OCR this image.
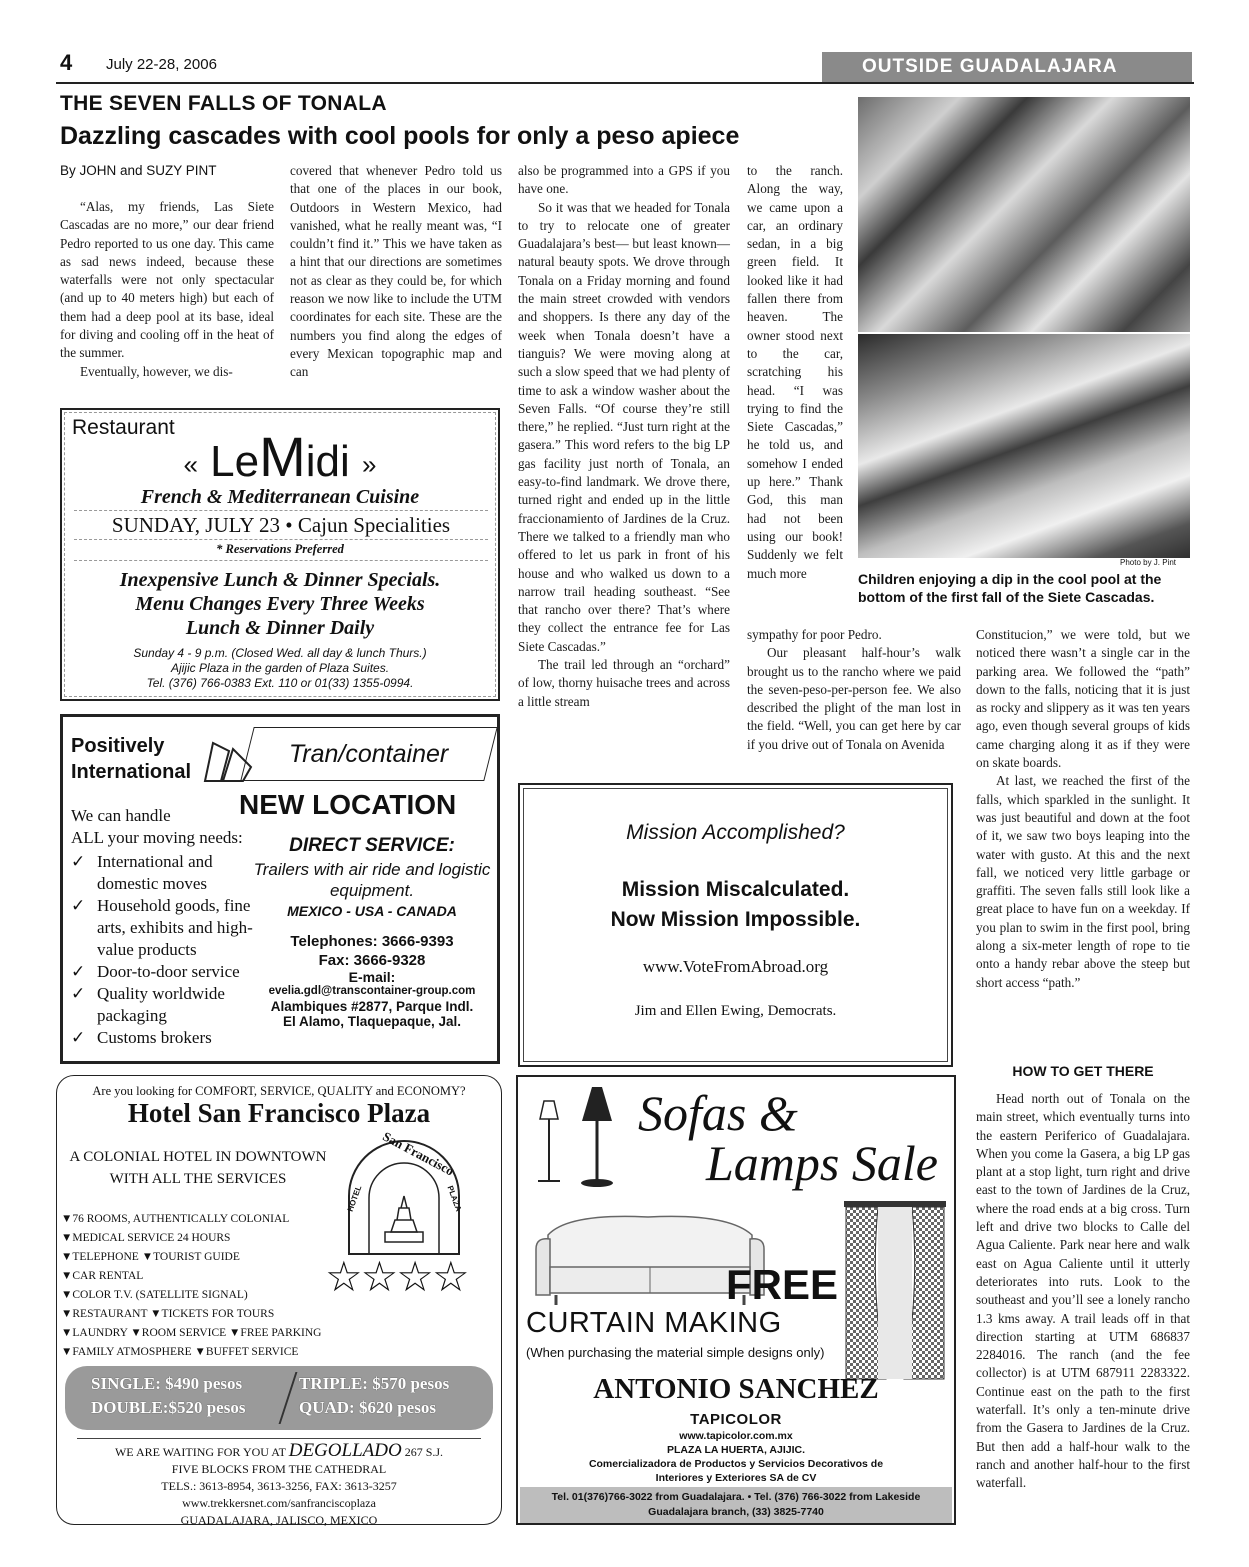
4 July 22-28, 2006	OUTSIDE GUADALAJARA
THE SEVEN FALLS OF TONALA
Dazzling cascades with cool pools for only a peso apiece
By JOHN and SUZY PINT

“Alas, my friends, Las Siete Cascadas are no more,” our dear friend Pedro reported to us one day. This came as sad news indeed, because these waterfalls were not only spectacular (and up to 40 meters high) but each of them had a deep pool at its base, ideal for diving and cooling off in the heat of the summer.

Eventually, however, we dis-

covered that whenever Pedro told us that one of the places in our book, Outdoors in Western Mexico, had vanished, what he really meant was, “I couldn’t find it.” This we have taken as a hint that our directions are sometimes not as clear as they could be, for which reason we now like to include the UTM coordinates for each site. These are the numbers you find along the edges of every Mexican topographic map and can

also be programmed into a GPS if you have one.

So it was that we headed for Tonala to try to relocate one of greater Guadalajara’s best— but least known— natural beauty spots. We drove through Tonala on a Friday morning and found the main street crowded with vendors and shoppers. Is there any day of the week when Tonala doesn’t have a tianguis? We were moving along at such a slow speed that we had plenty of time to ask a window washer about the Seven Falls. “Of course they’re still there,” he replied. “Just turn right at the gasera.” This word refers to the big LP gas facility just north of Tonala, an easy-to-find landmark. We drove there, turned right and ended up in the little fraccionamiento of Jardines de la Cruz. There we talked to a friendly man who offered to let us park in front of his house and who walked us down to a narrow trail heading southeast. “See that rancho over there? That’s where they collect the entrance fee for Las Siete Cascadas.”

The trail led through an “orchard” of low, thorny huisache trees and across a little stream

to the ranch. Along the way, we came upon a car, an ordinary sedan, in a big green field. It looked like it had fallen there from heaven. The owner stood next to the car, scratching his head. “I was trying to find the Siete Cascadas,” he told us, and somehow I ended up here.” Thank God, this man had not been using our book! Suddenly we felt much more

sympathy for poor Pedro.

Our pleasant half-hour’s walk brought us to the rancho where we paid the seven-peso-per-person fee. We also described the plight of the man lost in the field. “Well, you can get here by car if you drive out of Tonala on Avenida

Photo by J. Pint
Children enjoying a dip in the cool pool at the bottom of the first fall of the Siete Cascadas.

Constitucion,” we were told, but we noticed there wasn’t a single car in the parking area. We followed the “path” down to the falls, noticing that it is just as rocky and slippery as it was ten years ago, even though several groups of kids came charging along it as if they were on skate boards.

At last, we reached the first of the falls, which sparkled in the sunlight. It was just beautiful and down at the foot of it, we saw two boys leaping into the water with gusto. At this and the next fall, we noticed very little garbage or graffiti. The seven falls still look like a great place to have fun on a weekday. If you plan to swim in the first pool, bring along a six-meter length of rope to tie onto a handy rebar above the steep but short access “path.”

HOW TO GET THERE

Head north out of Tonala on the main street, which eventually turns into the eastern Periferico of Guadalajara. When you come la Gasera, a big LP gas plant at a stop light, turn right and drive east to the town of Jardines de la Cruz, where the road ends at a big cross. Turn left and drive two blocks to Calle del Agua Caliente. Park near here and walk east on Agua Caliente until it utterly deteriorates into ruts. Look to the southeast and you’ll see a lonely rancho 1.3 kms away. A trail leads off in that direction starting at UTM 686837 2284016. The ranch (and the fee collector) is at UTM 687911 2283322. Continue east on the path to the first waterfall. It’s only a ten-minute drive from the Gasera to Jardines de la Cruz. But then add a half-hour walk to the ranch and another half-hour to the first waterfall.

Restaurant
« LeMidi »
French & Mediterranean Cuisine
SUNDAY, JULY 23 • Cajun Specialities
* Reservations Preferred
Inexpensive Lunch & Dinner Specials.
Menu Changes Every Three Weeks
Lunch & Dinner Daily
Sunday 4 - 9 p.m. (Closed Wed. all day & lunch Thurs.)
Ajijic Plaza in the garden of Plaza Suites.
Tel. (376) 766-0383 Ext. 110 or 01(33) 1355-0994.
Positively
International
Tran/container
NEW LOCATION
We can handle
ALL your moving needs:
✓ International and domestic moves
✓ Household goods, fine arts, exhibits and high-value products
✓ Door-to-door service
✓ Quality worldwide packaging
✓ Customs brokers
DIRECT SERVICE:
Trailers with air ride and logistic equipment.
MEXICO - USA - CANADA
Telephones: 3666-9393
Fax: 3666-9328
E-mail:
evelia.gdl@transcontainer-group.com
Alambiques #2877, Parque Indl.
El Alamo, Tlaquepaque, Jal.
Are you looking for COMFORT, SERVICE, QUALITY and ECONOMY?
Hotel San Francisco Plaza
A COLONIAL HOTEL IN DOWNTOWN
WITH ALL THE SERVICES
San Francisco
HOTEL	PLAZA
▼76 ROOMS, AUTHENTICALLY COLONIAL
▼MEDICAL SERVICE 24 HOURS
▼TELEPHONE ▼TOURIST GUIDE
▼CAR RENTAL
▼COLOR T.V. (SATELLITE SIGNAL)
▼RESTAURANT ▼TICKETS FOR TOURS
▼LAUNDRY ▼ROOM SERVICE ▼FREE PARKING
▼FAMILY ATMOSPHERE ▼BUFFET SERVICE
☆☆☆☆
SINGLE: $490 pesos
DOUBLE:$520 pesos
TRIPLE: $570 pesos
QUAD: $620 pesos
WE ARE WAITING FOR YOU AT DEGOLLADO 267 S.J.
FIVE BLOCKS FROM THE CATHEDRAL
TELS.: 3613-8954, 3613-3256, FAX: 3613-3257
www.trekkersnet.com/sanfranciscoplaza
GUADALAJARA, JALISCO, MEXICO
Mission Accomplished?
Mission Miscalculated.
Now Mission Impossible.
www.VoteFromAbroad.org
Jim and Ellen Ewing, Democrats.
Sofas &
Lamps Sale
FREE
CURTAIN MAKING
(When purchasing the material simple designs only)
ANTONIO SANCHEZ
TAPICOLOR
www.tapicolor.com.mx
PLAZA LA HUERTA, AJIJIC.
Comercializadora de Productos y Servicios Decorativos de
Interiores y Exteriores SA de CV
Tel. 01(376)766-3022 from Guadalajara. • Tel. (376) 766-3022 from Lakeside
Guadalajara branch, (33) 3825-7740
